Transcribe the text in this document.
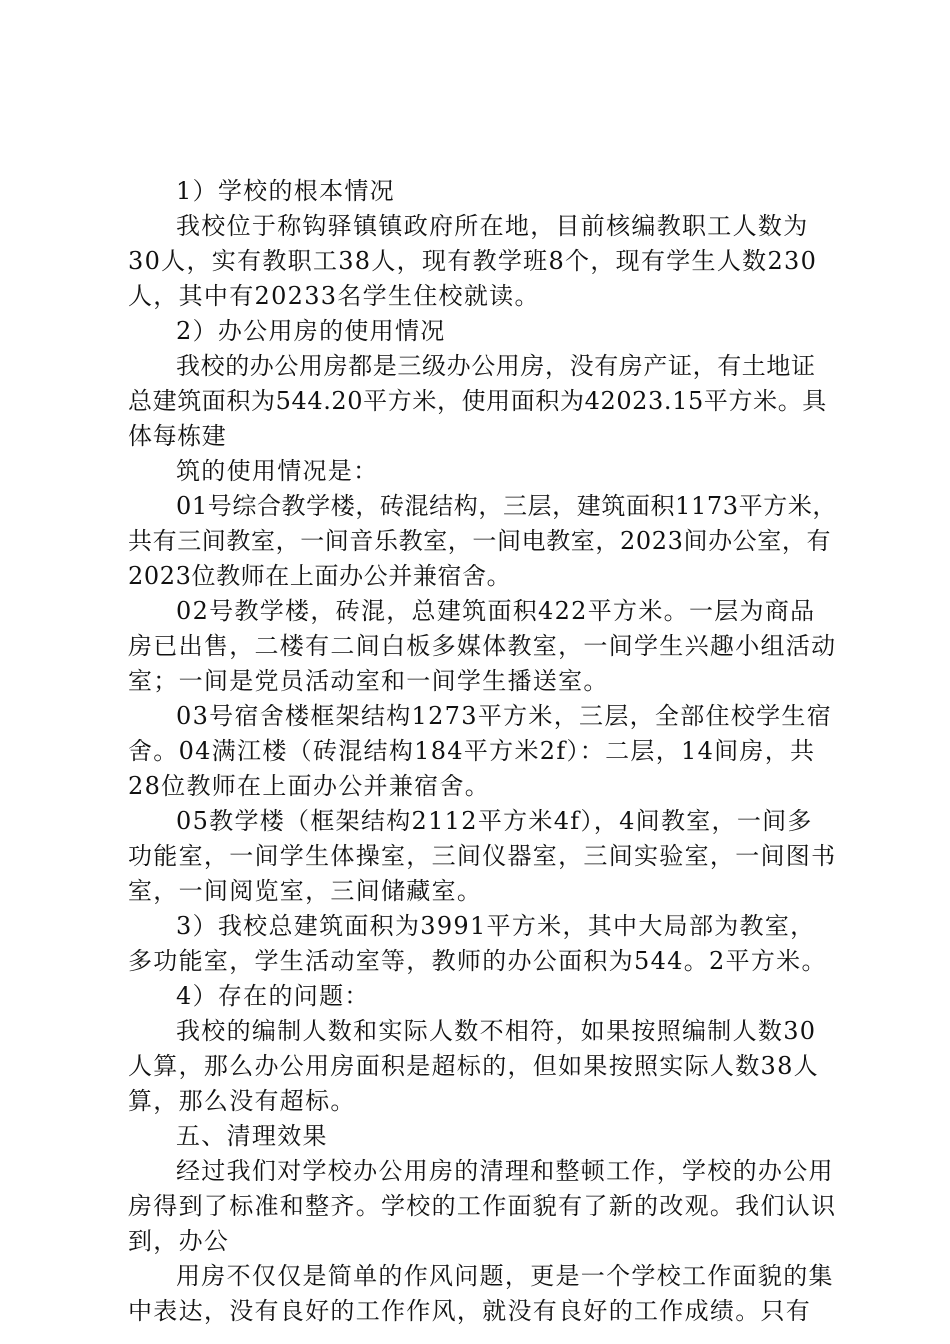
1）学校的根本情况

我校位于称钩驿镇镇政府所在地，目前核编教职工人数为30人，实有教职工38人，现有教学班8个，现有学生人数230人，其中有20233名学生住校就读。

2）办公用房的使用情况

我校的办公用房都是三级办公用房，没有房产证，有土地证总建筑面积为544.20平方米，使用面积为42023.15平方米。具体每栋建

筑的使用情况是：

01号综合教学楼，砖混结构，三层，建筑面积1173平方米，共有三间教室，一间音乐教室，一间电教室，2023间办公室，有2023位教师在上面办公并兼宿舍。

02号教学楼，砖混，总建筑面积422平方米。一层为商品房已出售，二楼有二间白板多媒体教室，一间学生兴趣小组活动室；一间是党员活动室和一间学生播送室。

03号宿舍楼框架结构1273平方米，三层，全部住校学生宿舍。04满江楼（砖混结构184平方米2f）：二层，14间房，共28位教师在上面办公并兼宿舍。

05教学楼（框架结构2112平方米4f），4间教室，一间多功能室，一间学生体操室，三间仪器室，三间实验室，一间图书室，一间阅览室，三间储藏室。

3）我校总建筑面积为3991平方米，其中大局部为教室，多功能室，学生活动室等，教师的办公面积为544。2平方米。

4）存在的问题：

我校的编制人数和实际人数不相符，如果按照编制人数30人算，那么办公用房面积是超标的，但如果按照实际人数38人算，那么没有超标。

五、清理效果

经过我们对学校办公用房的清理和整顿工作，学校的办公用房得到了标准和整齐。学校的工作面貌有了新的改观。我们认识到，办公

用房不仅仅是简单的作风问题，更是一个学校工作面貌的集中表达，没有良好的工作作风，就没有良好的工作成绩。只有
